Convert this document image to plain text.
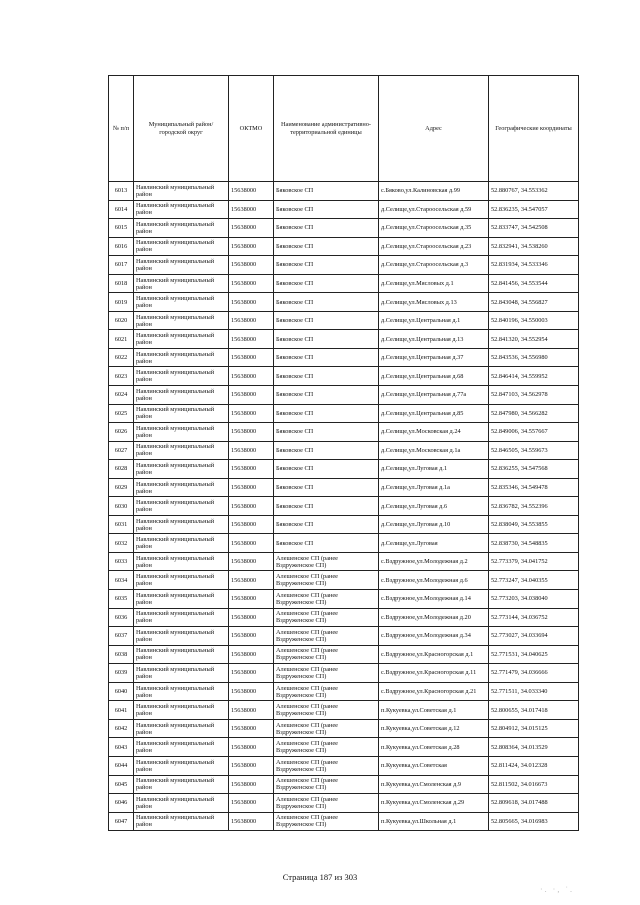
№ п/п	Муниципальный район/городской округ	ОКТМО	Наименование административно-территориальной единицы	Адрес	Географические координаты
6013	Навлинский муниципальный район	15638000	Бяковское СП	с.Бяково,ул.Калиновская д.99	52.880767, 34.553362
6014	Навлинский муниципальный район	15638000	Бяковское СП	д.Селище,ул.Староосельская д.59	52.836235, 34.547057
6015	Навлинский муниципальный район	15638000	Бяковское СП	д.Селище,ул.Староосельская д.35	52.833747, 34.542508
6016	Навлинский муниципальный район	15638000	Бяковское СП	д.Селище,ул.Староосельская д.23	52.832941, 34.538260
6017	Навлинский муниципальный район	15638000	Бяковское СП	д.Селище,ул.Староосельская д.3	52.831934, 34.533346
6018	Навлинский муниципальный район	15638000	Бяковское СП	д.Селище,ул.Мясловых д.1	52.841456, 34.553544
6019	Навлинский муниципальный район	15638000	Бяковское СП	д.Селище,ул.Мясловых д.13	52.843048, 34.556827
6020	Навлинский муниципальный район	15638000	Бяковское СП	д.Селище,ул.Центральная д.1	52.840196, 34.550003
6021	Навлинский муниципальный район	15638000	Бяковское СП	д.Селище,ул.Центральная д.13	52.841320, 34.552954
6022	Навлинский муниципальный район	15638000	Бяковское СП	д.Селище,ул.Центральная д.37	52.843536, 34.556980
6023	Навлинский муниципальный район	15638000	Бяковское СП	д.Селище,ул.Центральная д.68	52.846414, 34.559952
6024	Навлинский муниципальный район	15638000	Бяковское СП	д.Селище,ул.Центральная д.77а	52.847103, 34.562978
6025	Навлинский муниципальный район	15638000	Бяковское СП	д.Селище,ул.Центральная д.85	52.847980, 34.566282
6026	Навлинский муниципальный район	15638000	Бяковское СП	д.Селище,ул.Московская д.24	52.849006, 34.557667
6027	Навлинский муниципальный район	15638000	Бяковское СП	д.Селище,ул.Московская д.1а	52.846505, 34.559673
6028	Навлинский муниципальный район	15638000	Бяковское СП	д.Селище,ул.Луговая д.1	52.836255, 34.547568
6029	Навлинский муниципальный район	15638000	Бяковское СП	д.Селище,ул.Луговая д.1а	52.835346, 34.549478
6030	Навлинский муниципальный район	15638000	Бяковское СП	д.Селище,ул.Луговая д.6	52.836782, 34.552396
6031	Навлинский муниципальный район	15638000	Бяковское СП	д.Селище,ул.Луговая д.10	52.838049, 34.553855
6032	Навлинский муниципальный район	15638000	Бяковское СП	д.Селище,ул.Луговая	52.838730, 34.548835
6033	Навлинский муниципальный район	15638000	Алешенское СП (ранее Вздруженское СП)	с.Вздружное,ул.Молодежная д.2	52.773379, 34.041752
6034	Навлинский муниципальный район	15638000	Алешенское СП (ранее Вздруженское СП)	с.Вздружное,ул.Молодежная д.6	52.773247, 34.040355
6035	Навлинский муниципальный район	15638000	Алешенское СП (ранее Вздруженское СП)	с.Вздружное,ул.Молодежная д.14	52.773203, 34.038040
6036	Навлинский муниципальный район	15638000	Алешенское СП (ранее Вздруженское СП)	с.Вздружное,ул.Молодежная д.20	52.773144, 34.036752
6037	Навлинский муниципальный район	15638000	Алешенское СП (ранее Вздруженское СП)	с.Вздружное,ул.Молодежная д.34	52.773027, 34.033694
6038	Навлинский муниципальный район	15638000	Алешенское СП (ранее Вздруженское СП)	с.Вздружное,ул.Красногорская д.1	52.771531, 34.040625
6039	Навлинский муниципальный район	15638000	Алешенское СП (ранее Вздруженское СП)	с.Вздружное,ул.Красногорская д.11	52.771479, 34.036666
6040	Навлинский муниципальный район	15638000	Алешенское СП (ранее Вздруженское СП)	с.Вздружное,ул.Красногорская д.21	52.771511, 34.033340
6041	Навлинский муниципальный район	15638000	Алешенское СП (ранее Вздруженское СП)	п.Кукуевка,ул.Советская д.1	52.800655, 34.017418
6042	Навлинский муниципальный район	15638000	Алешенское СП (ранее Вздруженское СП)	п.Кукуевка,ул.Советская д.12	52.804912, 34.015125
6043	Навлинский муниципальный район	15638000	Алешенское СП (ранее Вздруженское СП)	п.Кукуевка,ул.Советская д.28	52.808364, 34.013529
6044	Навлинский муниципальный район	15638000	Алешенское СП (ранее Вздруженское СП)	п.Кукуевка,ул.Советская	52.811424, 34.012328
6045	Навлинский муниципальный район	15638000	Алешенское СП (ранее Вздруженское СП)	п.Кукуевка,ул.Смоленская д.9	52.811502, 34.016673
6046	Навлинский муниципальный район	15638000	Алешенское СП (ранее Вздруженское СП)	п.Кукуевка,ул.Смоленская д.29	52.809618, 34.017488
6047	Навлинский муниципальный район	15638000	Алешенское СП (ранее Вздруженское СП)	п.Кукуевка,ул.Школьная д.1	52.805665, 34.016983
Страница 187 из 303
·. ·, ˙.
